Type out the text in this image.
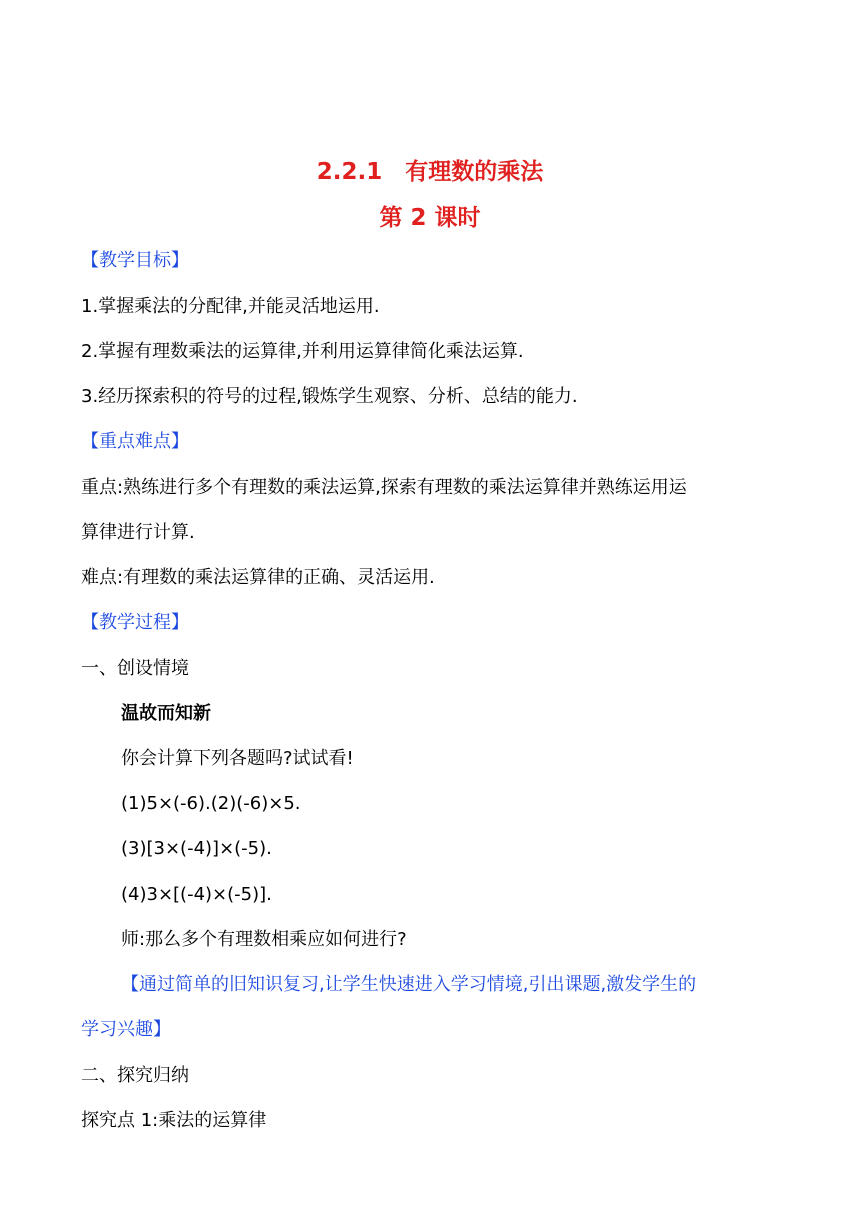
2.2.1　有理数的乘法
第 2 课时
【教学目标】
1.掌握乘法的分配律,并能灵活地运用.
2.掌握有理数乘法的运算律,并利用运算律简化乘法运算.
3.经历探索积的符号的过程,锻炼学生观察、分析、总结的能力.
【重点难点】
重点:熟练进行多个有理数的乘法运算,探索有理数的乘法运算律并熟练运用运
算律进行计算.
难点:有理数的乘法运算律的正确、灵活运用.
【教学过程】
一、创设情境
温故而知新
你会计算下列各题吗?试试看!
(1)5×(-6).(2)(-6)×5.
(3)[3×(-4)]×(-5).
(4)3×[(-4)×(-5)].
师:那么多个有理数相乘应如何进行?
【通过简单的旧知识复习,让学生快速进入学习情境,引出课题,激发学生的
学习兴趣】
二、探究归纳
探究点 1:乘法的运算律
